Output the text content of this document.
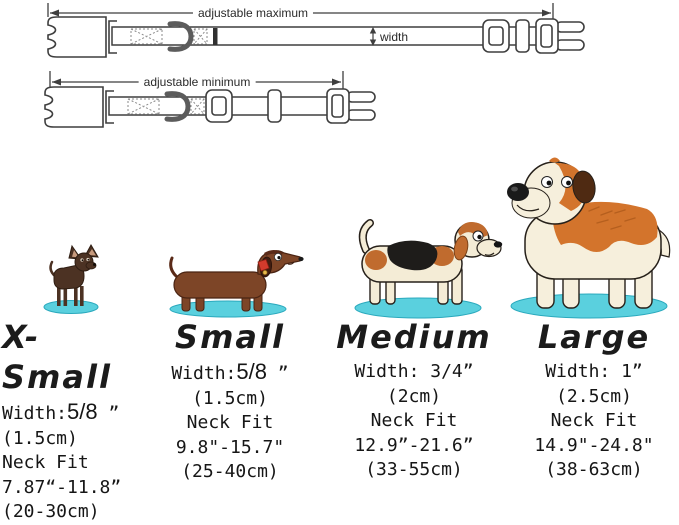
adjustable maximum
adjustable minimum
width
X-Small
Width:5/8 ”
(1.5cm)
Neck Fit
7.87“-11.8”
(20-30cm)
Small
Width:5/8 ”
(1.5cm)
Neck Fit
9.8"-15.7"
(25-40cm)
Medium
Width: 3/4”
(2cm)
Neck Fit
12.9”-21.6”
(33-55cm)
Large
Width: 1”
(2.5cm)
Neck Fit
14.9"-24.8"
(38-63cm)
